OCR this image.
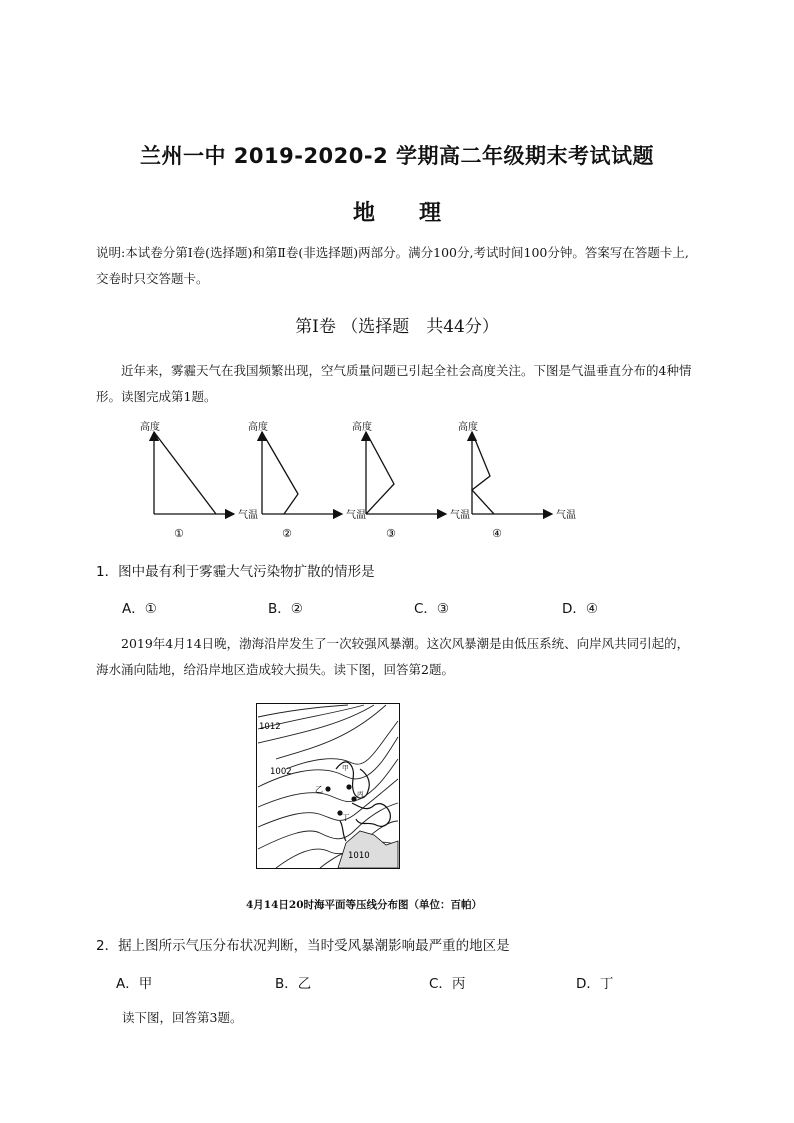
兰州一中 2019-2020-2 学期高二年级期末考试试题
地 理
说明:本试卷分第Ⅰ卷(选择题)和第Ⅱ卷(非选择题)两部分。满分100分,考试时间100分钟。答案写在答题卡上,交卷时只交答题卡。
第Ⅰ卷 （选择题　共44分）
近年来，雾霾天气在我国频繁出现，空气质量问题已引起全社会高度关注。下图是气温垂直分布的4种情形。读图完成第1题。
高度
气温
①
高度
气温
②
高度
气温
③
高度
气温
④
1．图中最有利于雾霾大气污染物扩散的情形是
A．①	B．②	C．③	D．④
2019年4月14日晚，渤海沿岸发生了一次较强风暴潮。这次风暴潮是由低压系统、向岸风共同引起的，海水涌向陆地，给沿岸地区造成较大损失。读下图，回答第2题。
1012
1002
1010
甲
乙	丙
丁
4月14日20时海平面等压线分布图（单位：百帕）
2．据上图所示气压分布状况判断，当时受风暴潮影响最严重的地区是
A．甲	B．乙	C．丙	D．丁
读下图，回答第3题。
